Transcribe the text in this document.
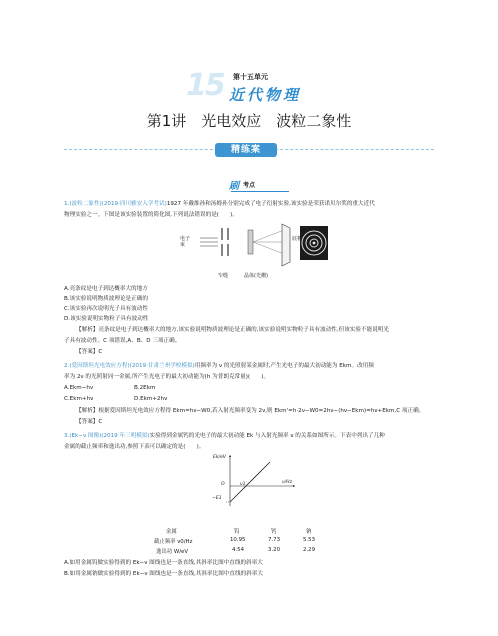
15 第十五单元
近代物理
第1讲　光电效应　波粒二象性
精练案
刷 考点
1.(波粒二象性)(2019·四川雅安入学考试)1927 年戴维孙和汤姆孙分别完成了电子衍射实验,该实验是荣获诺贝尔奖的重大近代
物理实验之一。下图是该实验装置的简化图,下列说法错误的是(　　)。
电子束
窄缝	晶体(光栅)
底板
A.亮条纹是电子到达概率大的地方
B.该实验说明物质波理论是正确的
C.该实验再次说明光子具有波动性
D.该实验说明实物粒子具有波动性
【解析】亮条纹是电子到达概率大的地方,该实验说明物质波理论是正确的,该实验说明实物粒子具有波动性,但该实验不能说明光
子具有波动性。C 项错误,A、B、D 三项正确。
【答案】C
2.(爱因斯坦光电效应方程)(2019·甘肃兰州学校模拟)用频率为 ν 的光照射某金属时,产生光电子的最大初动能为 Ekm。改用频
率为 2ν 的光照射同一金属,所产生光电子的最大初动能为(h 为普朗克常量)(　　)。
A.Ekm−hν	B.2Ekm
C.Ekm+hν	D.Ekm+2hν
【解析】根据爱因斯坦光电效应方程得 Ekm=hν−W0,若入射光频率变为 2ν,则 Ekm'=h·2ν−W0=2hν−(hν−Ekm)=hν+Ekm,C 项正确。
【答案】C
3.(Ek−ν 图像)(2019 年三明模拟)实验得到金属钙的光电子的最大初动能 Ek 与入射光频率 ν 的关系如图所示。下表中列出了几种
金属的截止频率和逸出功,参照下表可以确定的是(　　)。
Ek/eV
ν/Hz
O	ν1
−E1
金属	钨	钙	钠
截止频率 ν0/Hz	10.95	7.73	5.53
逸出功 W/eV	4.54	3.20	2.29
A.如用金属钨做实验得到的 Ek−ν 图线也是一条直线,其斜率比图中直线的斜率大
B.如用金属钠做实验得到的 Ek−ν 图线也是一条直线,其斜率比图中直线的斜率大
